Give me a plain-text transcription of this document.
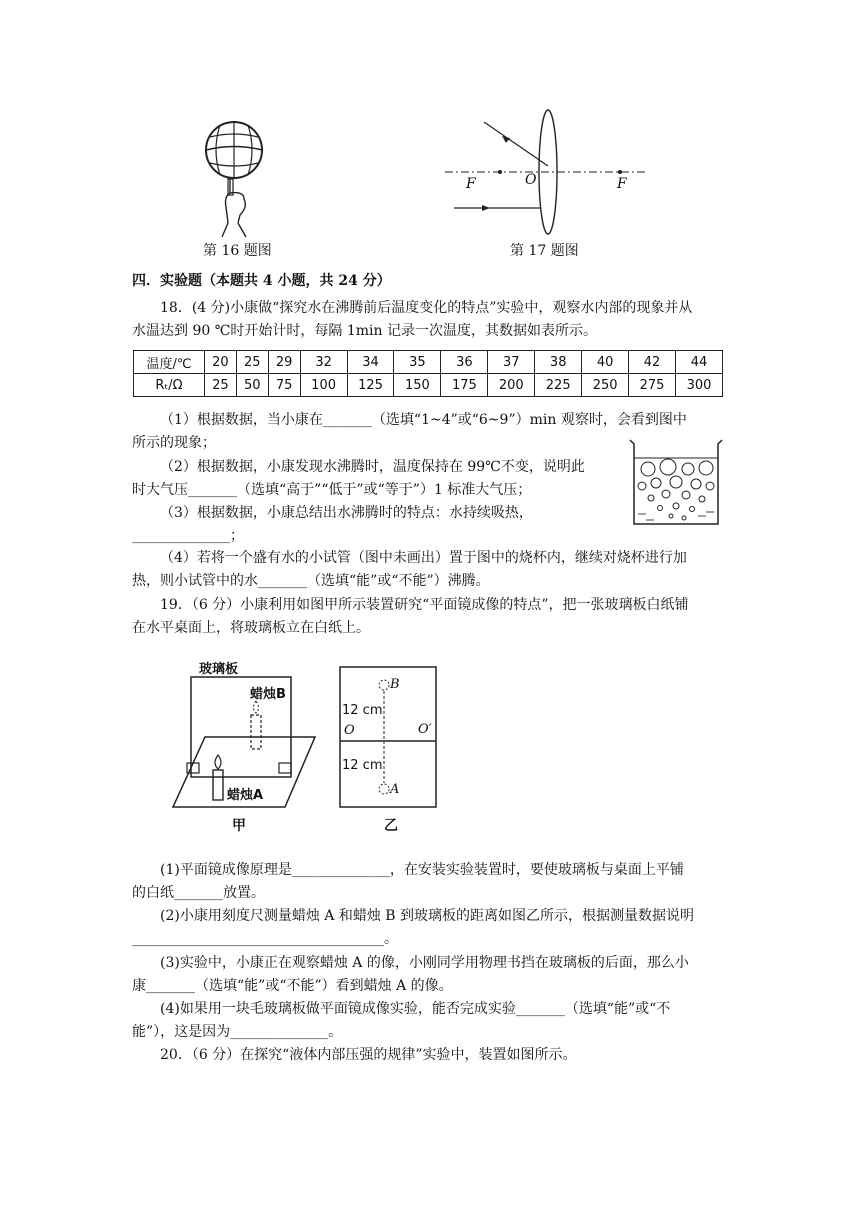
第 16 题图
F	O	F
第 17 题图
四．实验题（本题共 4 小题，共 24 分）
18．(4 分)小康做“探究水在沸腾前后温度变化的特点”实验中，观察水内部的现象并从
水温达到 90 ℃时开始计时，每隔 1min 记录一次温度，其数据如表所示。
温度/℃	20	25	29	32	34	35	36	37	38	40	42	44
Rₜ/Ω	25	50	75	100	125	150	175	200	225	250	275	300
（1）根据数据，当小康在_______（选填“1~4”或“6~9”）min 观察时，会看到图中
所示的现象；
（2）根据数据，小康发现水沸腾时，温度保持在 99℃不变，说明此
时大气压_______（选填“高于”“低于”或“等于”）1 标准大气压；
（3）根据数据，小康总结出水沸腾时的特点：水持续吸热，
______________；
（4）若将一个盛有水的小试管（图中未画出）置于图中的烧杯内，继续对烧杯进行加
热，则小试管中的水_______（选填“能”或“不能”）沸腾。
19．（6 分）小康利用如图甲所示装置研究“平面镜成像的特点”，把一张玻璃板白纸铺
在水平桌面上，将玻璃板立在白纸上。
玻璃板
蜡烛B
蜡烛A
甲
B
12 cm
O	O′
12 cm
A
乙
(1)平面镜成像原理是______________，在安装实验装置时，要使玻璃板与桌面上平铺
的白纸_______放置。
(2)小康用刻度尺测量蜡烛 A 和蜡烛 B 到玻璃板的距离如图乙所示，根据测量数据说明
____________________________________。
(3)实验中，小康正在观察蜡烛 A 的像，小刚同学用物理书挡在玻璃板的后面，那么小
康_______（选填“能”或“不能”）看到蜡烛 A 的像。
(4)如果用一块毛玻璃板做平面镜成像实验，能否完成实验_______（选填“能”或“不
能”），这是因为______________。
20．（6 分）在探究“液体内部压强的规律”实验中，装置如图所示。
